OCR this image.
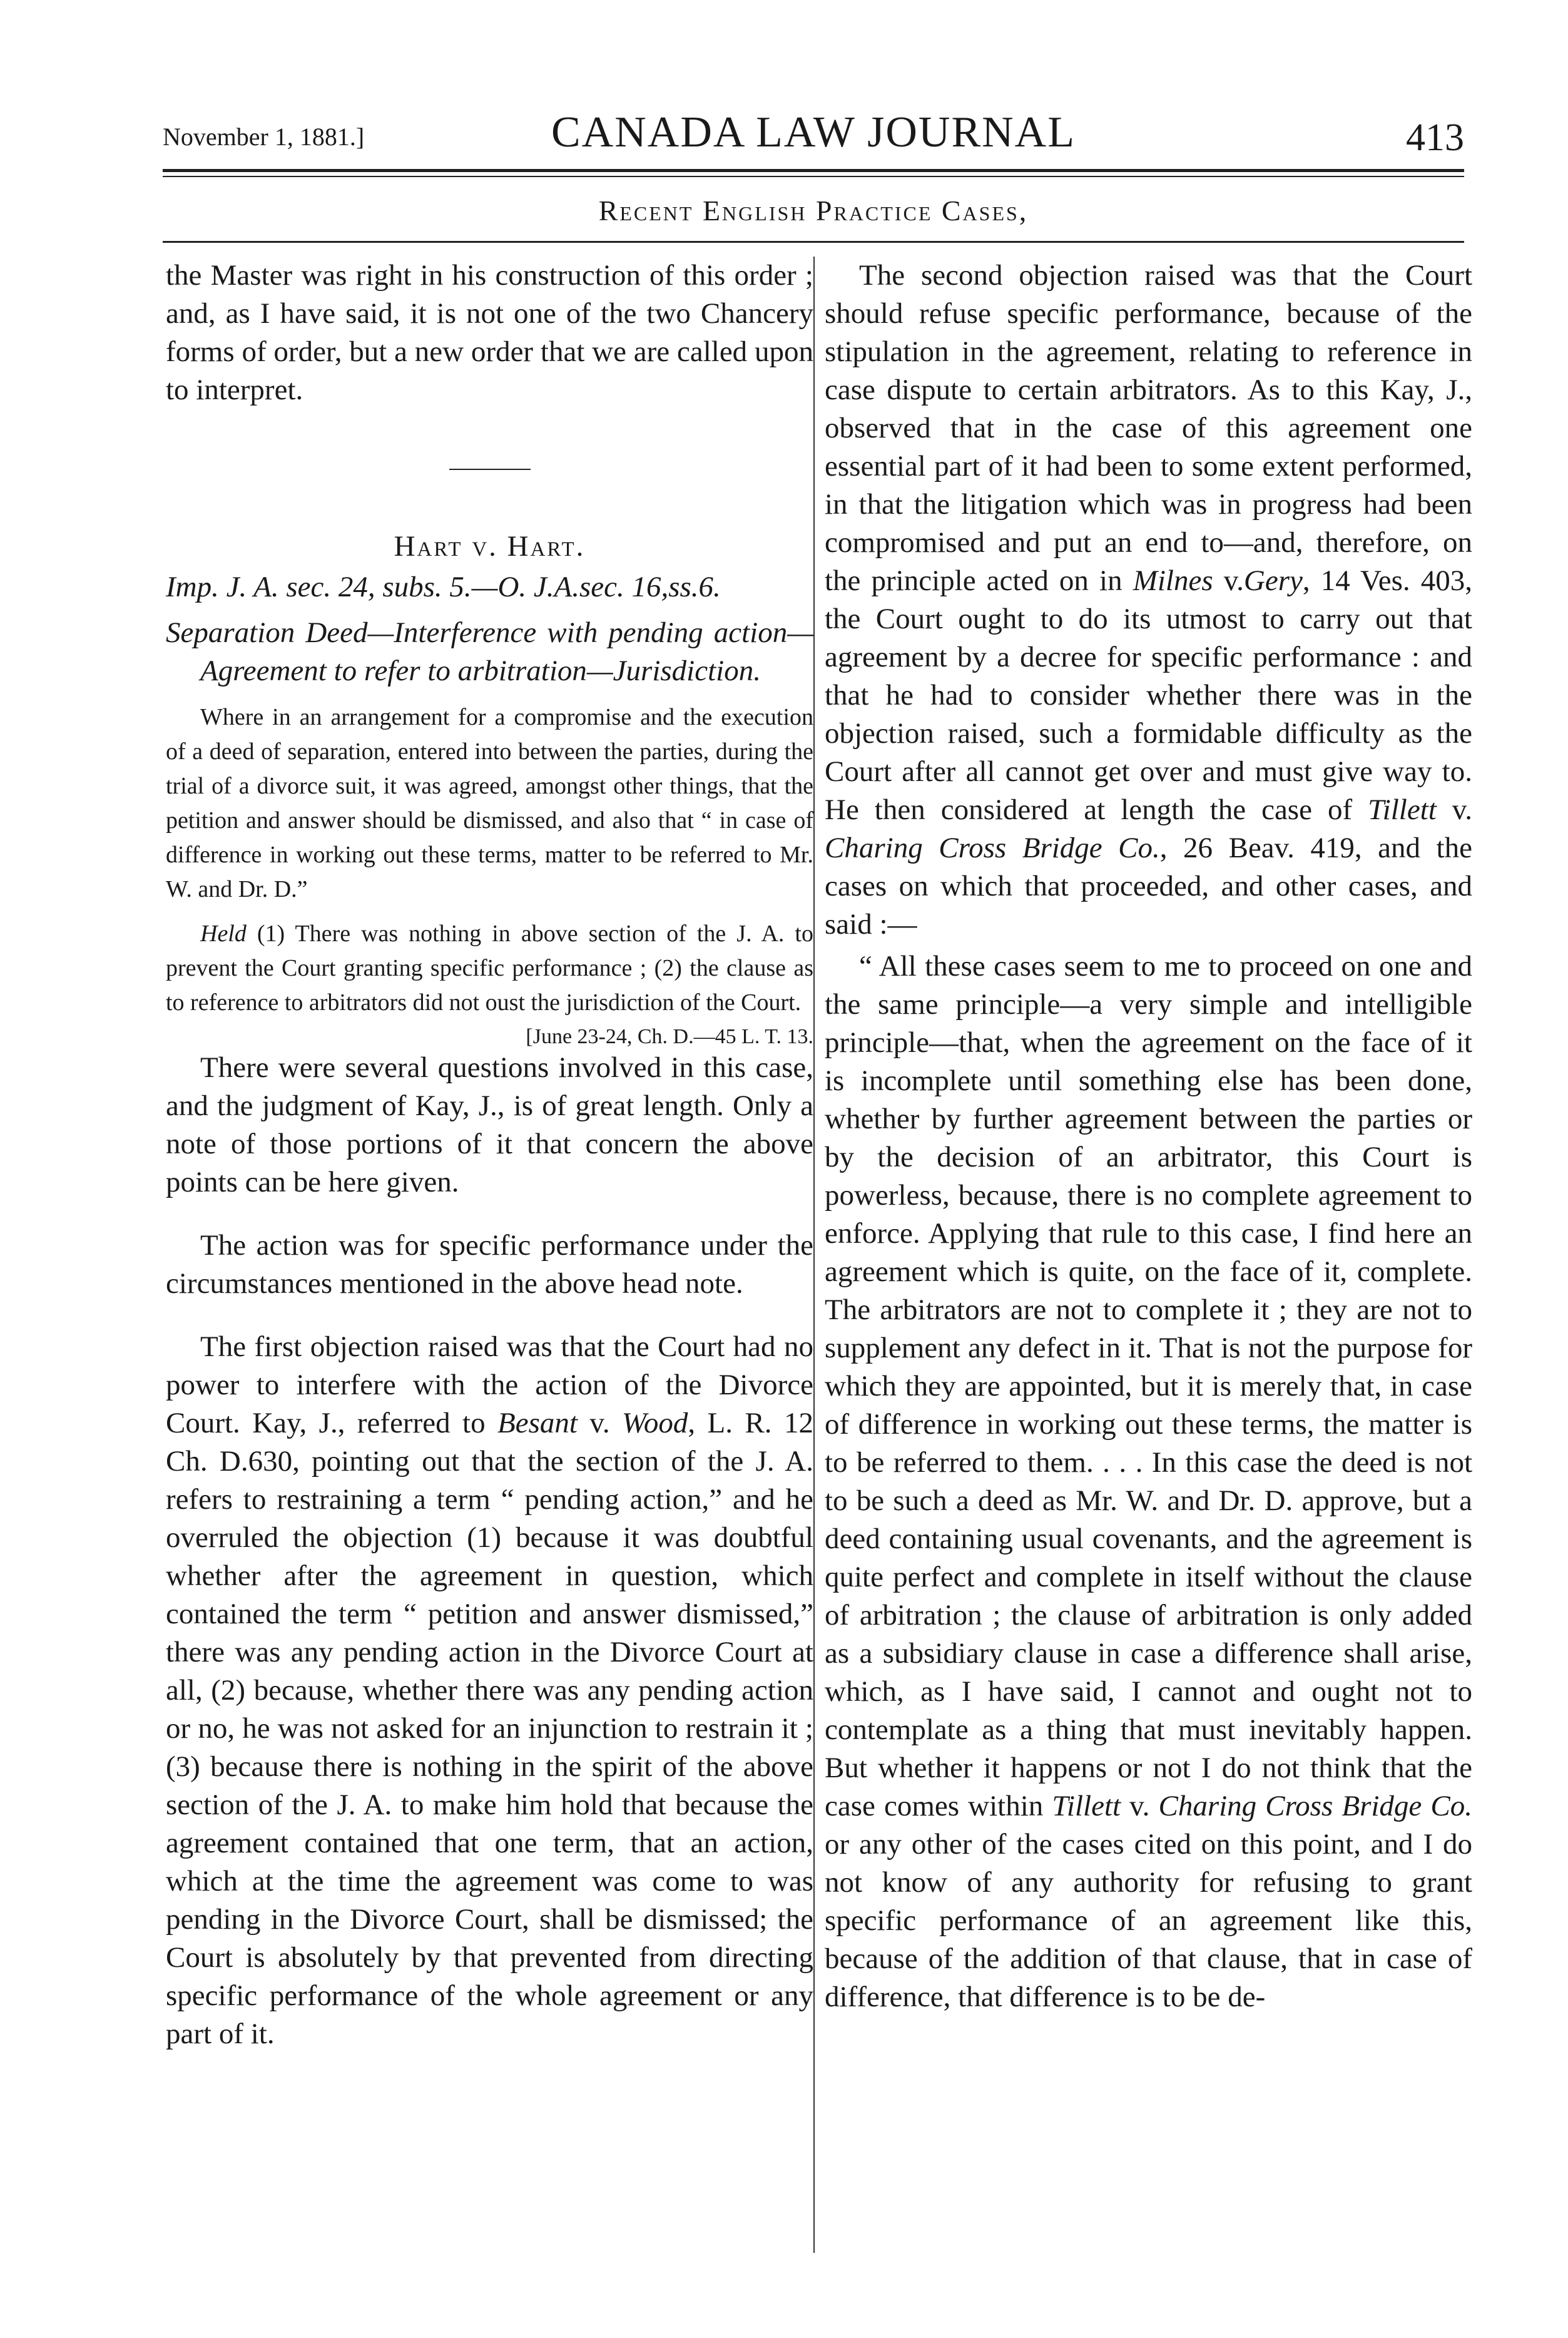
November 1, 1881.]	CANADA LAW JOURNAL	413
Recent English Practice Cases,

the Master was right in his construction of this order ; and, as I have said, it is not one of the two Chancery forms of order, but a new order that we are called upon to interpret.

Hart v. Hart.
Imp. J. A. sec. 24, subs. 5.—O. J.A.sec. 16,ss.6.
Separation Deed—Interference with pending action—Agreement to refer to arbitration—Jurisdiction.

Where in an arrangement for a compromise and the execution of a deed of separation, entered into between the parties, during the trial of a divorce suit, it was agreed, amongst other things, that the petition and answer should be dismissed, and also that “ in case of difference in working out these terms, matter to be referred to Mr. W. and Dr. D.”

Held (1) There was nothing in above section of the J. A. to prevent the Court granting specific performance ; (2) the clause as to reference to arbitrators did not oust the jurisdiction of the Court.

[June 23-24, Ch. D.—45 L. T. 13.

There were several questions involved in this case, and the judgment of Kay, J., is of great length. Only a note of those portions of it that concern the above points can be here given.

The action was for specific performance under the circumstances mentioned in the above head note.

The first objection raised was that the Court had no power to interfere with the action of the Divorce Court. Kay, J., referred to Besant v. Wood, L. R. 12 Ch. D.630, pointing out that the section of the J. A. refers to restraining a term “ pending action,” and he overruled the objection (1) because it was doubtful whether after the agreement in question, which contained the term “ petition and answer dismissed,” there was any pending action in the Divorce Court at all, (2) because, whether there was any pending action or no, he was not asked for an injunction to restrain it ; (3) because there is nothing in the spirit of the above section of the J. A. to make him hold that because the agreement contained that one term, that an action, which at the time the agreement was come to was pending in the Divorce Court, shall be dismissed; the Court is absolutely by that prevented from directing specific performance of the whole agreement or any part of it.

The second objection raised was that the Court should refuse specific performance, because of the stipulation in the agreement, relating to reference in case dispute to certain arbitrators. As to this Kay, J., observed that in the case of this agreement one essential part of it had been to some extent performed, in that the litigation which was in progress had been compromised and put an end to—and, therefore, on the principle acted on in Milnes v.Gery, 14 Ves. 403, the Court ought to do its utmost to carry out that agreement by a decree for specific performance : and that he had to consider whether there was in the objection raised, such a formidable difficulty as the Court after all cannot get over and must give way to. He then considered at length the case of Tillett v. Charing Cross Bridge Co., 26 Beav. 419, and the cases on which that proceeded, and other cases, and said :—

“ All these cases seem to me to proceed on one and the same principle—a very simple and intelligible principle—that, when the agreement on the face of it is incomplete until something else has been done, whether by further agreement between the parties or by the decision of an arbitrator, this Court is powerless, because, there is no complete agreement to enforce. Applying that rule to this case, I find here an agreement which is quite, on the face of it, complete. The arbitrators are not to complete it ; they are not to supplement any defect in it. That is not the purpose for which they are appointed, but it is merely that, in case of difference in working out these terms, the matter is to be referred to them. . . . In this case the deed is not to be such a deed as Mr. W. and Dr. D. approve, but a deed containing usual covenants, and the agreement is quite perfect and complete in itself without the clause of arbitration ; the clause of arbitration is only added as a subsidiary clause in case a difference shall arise, which, as I have said, I cannot and ought not to contemplate as a thing that must inevitably happen. But whether it happens or not I do not think that the case comes within Tillett v. Charing Cross Bridge Co. or any other of the cases cited on this point, and I do not know of any authority for refusing to grant specific performance of an agreement like this, because of the addition of that clause, that in case of difference, that difference is to be de-
